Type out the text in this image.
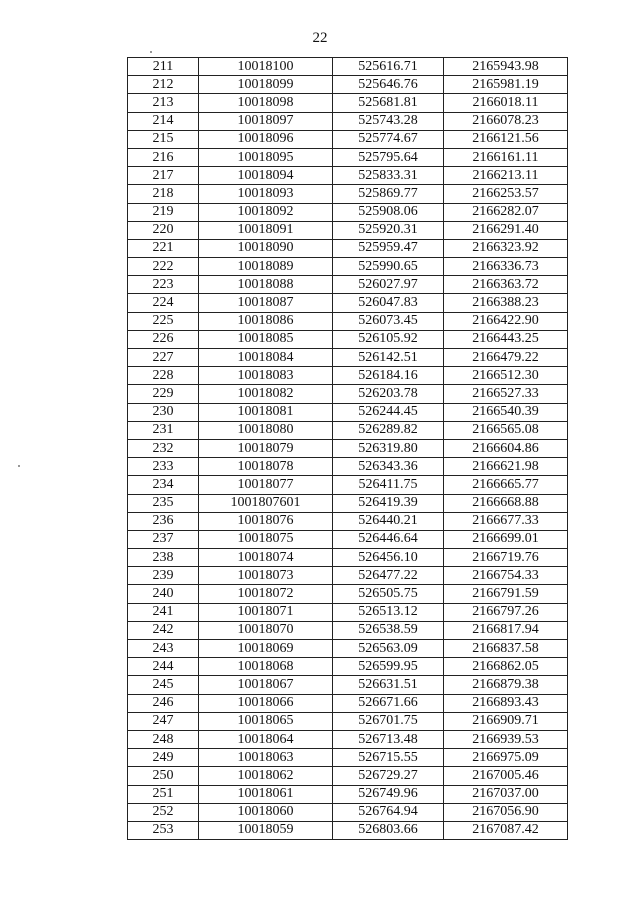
22
211	10018100	525616.71	2165943.98
212	10018099	525646.76	2165981.19
213	10018098	525681.81	2166018.11
214	10018097	525743.28	2166078.23
215	10018096	525774.67	2166121.56
216	10018095	525795.64	2166161.11
217	10018094	525833.31	2166213.11
218	10018093	525869.77	2166253.57
219	10018092	525908.06	2166282.07
220	10018091	525920.31	2166291.40
221	10018090	525959.47	2166323.92
222	10018089	525990.65	2166336.73
223	10018088	526027.97	2166363.72
224	10018087	526047.83	2166388.23
225	10018086	526073.45	2166422.90
226	10018085	526105.92	2166443.25
227	10018084	526142.51	2166479.22
228	10018083	526184.16	2166512.30
229	10018082	526203.78	2166527.33
230	10018081	526244.45	2166540.39
231	10018080	526289.82	2166565.08
232	10018079	526319.80	2166604.86
233	10018078	526343.36	2166621.98
234	10018077	526411.75	2166665.77
235	1001807601	526419.39	2166668.88
236	10018076	526440.21	2166677.33
237	10018075	526446.64	2166699.01
238	10018074	526456.10	2166719.76
239	10018073	526477.22	2166754.33
240	10018072	526505.75	2166791.59
241	10018071	526513.12	2166797.26
242	10018070	526538.59	2166817.94
243	10018069	526563.09	2166837.58
244	10018068	526599.95	2166862.05
245	10018067	526631.51	2166879.38
246	10018066	526671.66	2166893.43
247	10018065	526701.75	2166909.71
248	10018064	526713.48	2166939.53
249	10018063	526715.55	2166975.09
250	10018062	526729.27	2167005.46
251	10018061	526749.96	2167037.00
252	10018060	526764.94	2167056.90
253	10018059	526803.66	2167087.42
